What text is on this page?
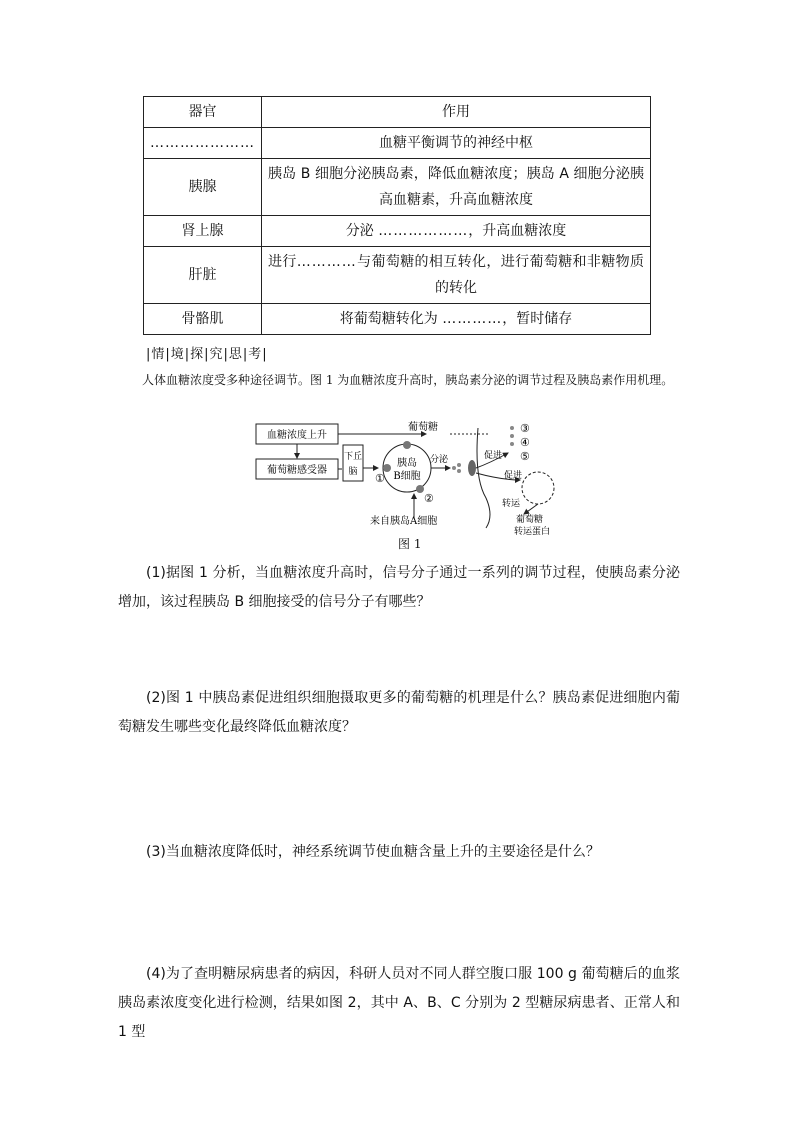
器官	作用
…………………	血糖平衡调节的神经中枢
胰腺	胰岛 B 细胞分泌胰岛素，降低血糖浓度；胰岛 A 细胞分泌胰高血糖素，升高血糖浓度
肾上腺	分泌 ………………，升高血糖浓度
肝脏	进行…………与葡萄糖的相互转化，进行葡萄糖和非糖物质的转化
骨骼肌	将葡萄糖转化为 …………，暂时储存
|情|境|探|究|思|考|
人体血糖浓度受多种途径调节。图 1 为血糖浓度升高时，胰岛素分泌的调节过程及胰岛素作用机理。
血糖浓度上升
葡萄糖感受器
下丘
脑
胰岛
B细胞
①
②
葡萄糖
来自胰岛A细胞
分泌	促进
促进
转运
③
④
⑤
葡萄糖
转运蛋白
图 1
(1)据图 1 分析，当血糖浓度升高时，信号分子通过一系列的调节过程，使胰岛素分泌增加，该过程胰岛 B 细胞接受的信号分子有哪些？
(2)图 1 中胰岛素促进组织细胞摄取更多的葡萄糖的机理是什么？胰岛素促进细胞内葡萄糖发生哪些变化最终降低血糖浓度？
(3)当血糖浓度降低时，神经系统调节使血糖含量上升的主要途径是什么？
(4)为了查明糖尿病患者的病因，科研人员对不同人群空腹口服 100 g 葡萄糖后的血浆胰岛素浓度变化进行检测，结果如图 2，其中 A、B、C 分别为 2 型糖尿病患者、正常人和 1 型
